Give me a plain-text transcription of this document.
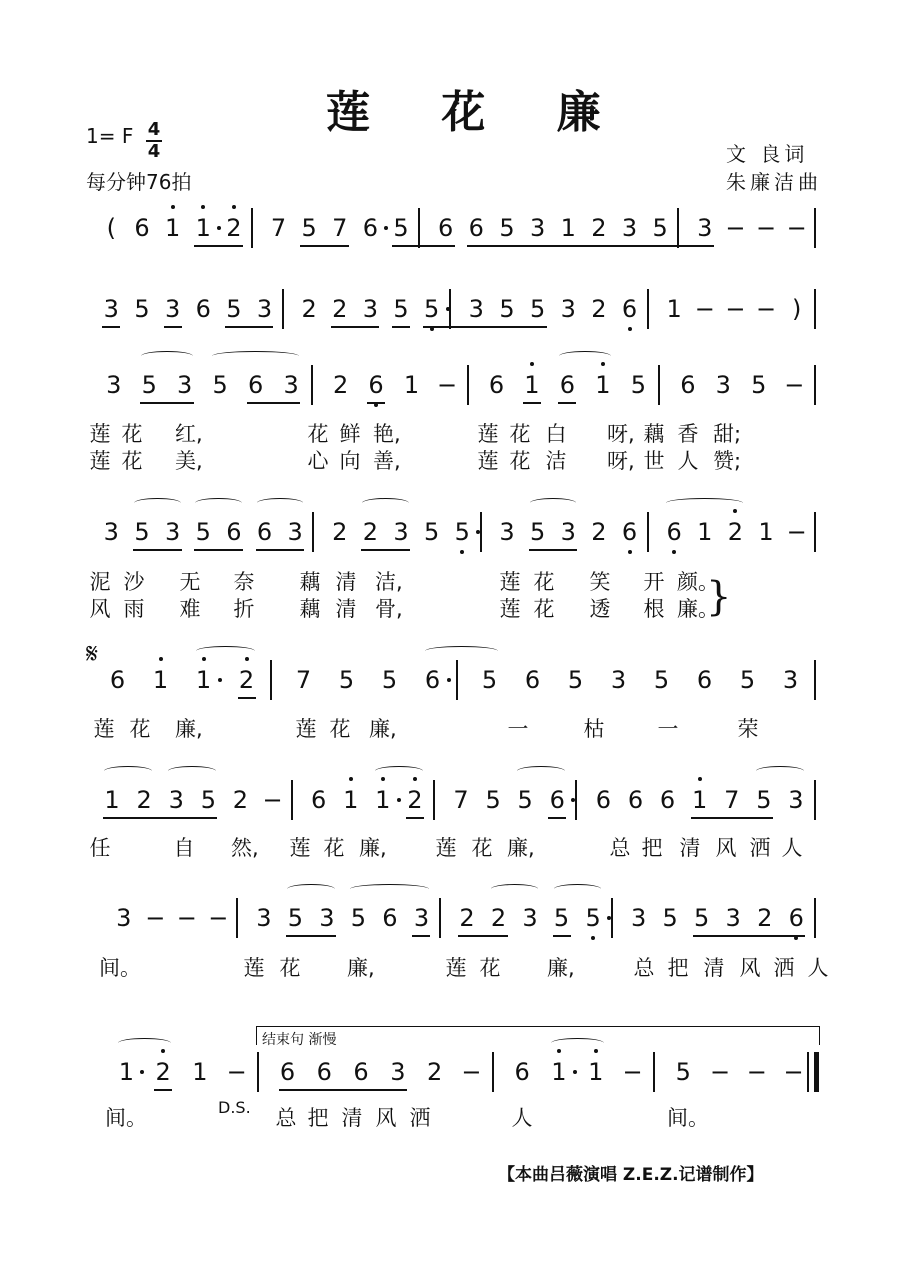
莲 花 廉
1= F 4
4
每分钟76拍
文 良词
朱廉洁曲
( 6 1 1 2 7 5 7 6 5 6 6 5 3 1 2 3 5 3 − − −
3 5 3 6 5 3 2 2 3 5 5 3 5 5 3 2 6 1 − − − )
3 5 3 5 6 3 2 6 1 − 6 1 6 1 5 6 3 5 −
3 5 3 5 6 6 3 2 2 3 5 5 3 5 3 2 6 6 1 2 1 −
6 1 1 2 7 5 5 6 5 6 5 3 5 6 5 3
1 2 3 5 2 − 6 1 1 2 7 5 5 6 6 6 6 1 7 5 3
3 − − − 3 5 3 5 6 3 2 2 3 5 5 3 5 5 3 2 6
1 2 1 − 6 6 6 3 2 − 6 1 1 − 5 − − −
莲 花 红,	花 鲜 艳,	莲 花 白 呀, 藕 香 甜;
莲 花 美,	心 向 善,	莲 花 洁 呀, 世 人 赞;
泥 沙 无 奈 藕 清 洁,	莲 花 笑 开 颜。
风 雨 难 折 藕 清 骨,	莲 花 透 根 廉。
莲 花 廉,	莲 花 廉,	一	枯	一	荣
任	自 然, 莲 花 廉, 莲 花 廉,	总 把 清 风 洒 人
间。	莲 花 廉,	莲 花 廉,	总 把 清 风 洒 人
间。	总 把 清 风 洒	人	间。
𝄋
}
D.S.
结束句 渐慢
【本曲吕薇演唱 Z.E.Z.记谱制作】
